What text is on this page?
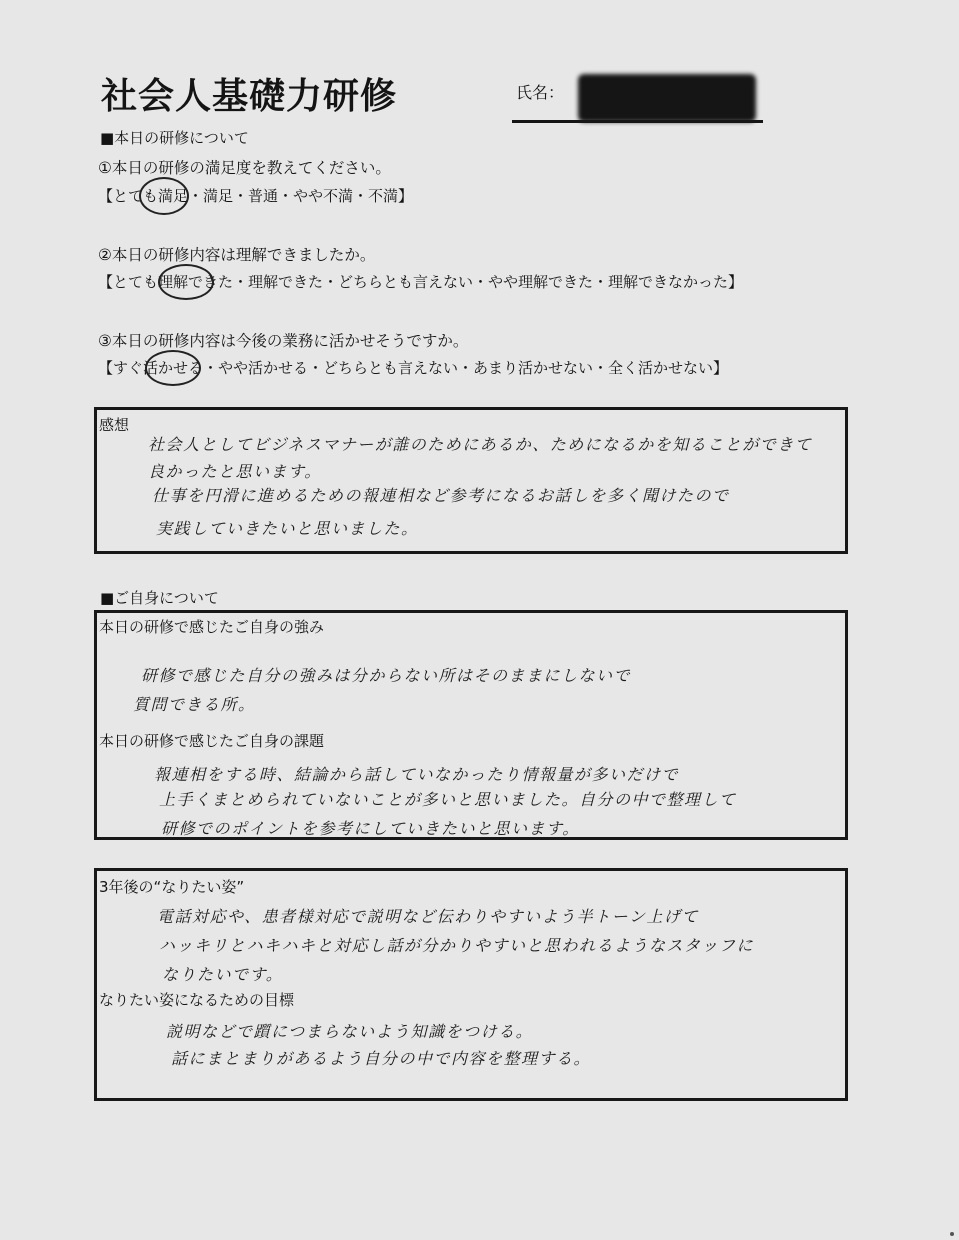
社会人基礎力研修	氏名：
■本日の研修について
①本日の研修の満足度を教えてください。
【とても満足・満足・普通・やや不満・不満】
②本日の研修内容は理解できましたか。
【とても理解できた・理解できた・どちらとも言えない・やや理解できた・理解できなかった】
③本日の研修内容は今後の業務に活かせそうですか。
【すぐ活かせる・やや活かせる・どちらとも言えない・あまり活かせない・全く活かせない】
感想
社会人としてビジネスマナーが誰のためにあるか、ためになるかを知ることができて
良かったと思います。
仕事を円滑に進めるための報連相など参考になるお話しを多く聞けたので
実践していきたいと思いました。
■ご自身について
本日の研修で感じたご自身の強み
研修で感じた自分の強みは分からない所はそのままにしないで
質問できる所。
本日の研修で感じたご自身の課題
報連相をする時、結論から話していなかったり情報量が多いだけで
上手くまとめられていないことが多いと思いました。自分の中で整理して
研修でのポイントを参考にしていきたいと思います。
3年後の“なりたい姿”
電話対応や、患者様対応で説明など伝わりやすいよう半トーン上げて
ハッキリとハキハキと対応し話が分かりやすいと思われるようなスタッフに
なりたいです。
なりたい姿になるための目標
説明などで躓につまらないよう知識をつける。
話にまとまりがあるよう自分の中で内容を整理する。
